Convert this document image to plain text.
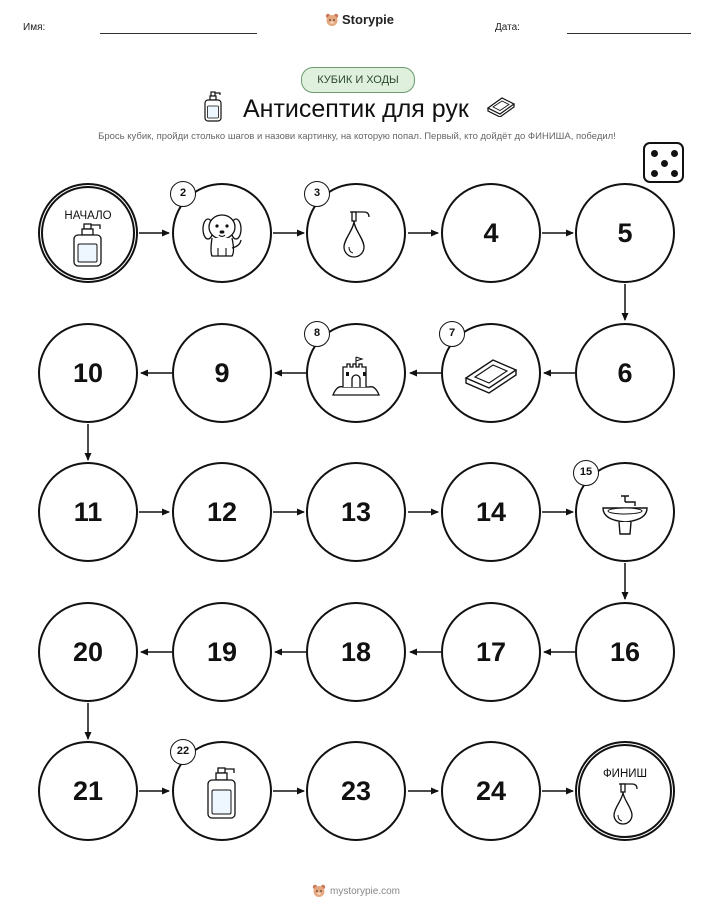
Имя:
Storypie
Дата:
КУБИК И ХОДЫ
Антисептик для рук
Брось кубик, пройди столько шагов и назови картинку, на которую попал. Первый, кто дойдёт до ФИНИША, победил!
НАЧАЛО
2	3
4	5
10	9
8	7
6
11	12	13	14
15
20	19	18	17	16
21
22
23	24
ФИНИШ
mystorypie.com
